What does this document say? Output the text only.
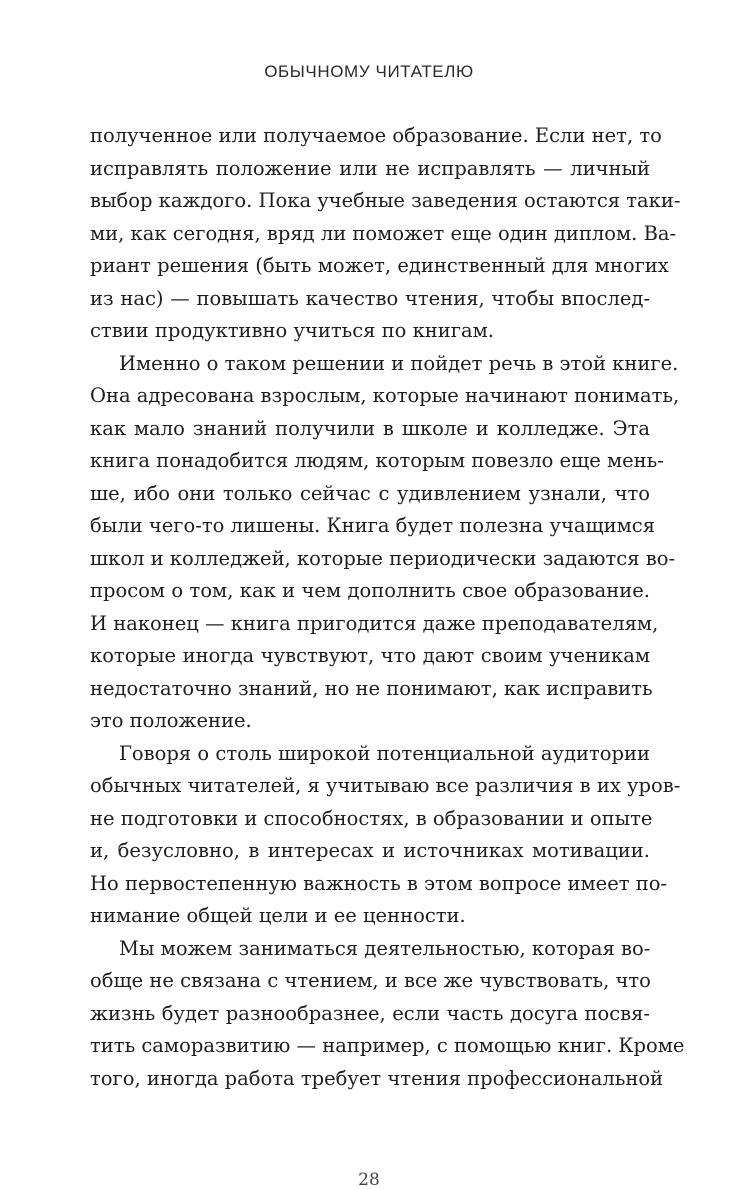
ОБЫЧНОМУ ЧИТАТЕЛЮ
полученное или получаемое образование. Если нет, то
исправлять положение или не исправлять — личный
выбор каждого. Пока учебные заведения остаются таки-
ми, как сегодня, вряд ли поможет еще один диплом. Ва-
риант решения (быть может, единственный для многих
из нас) — повышать качество чтения, чтобы впослед-
ствии продуктивно учиться по книгам.
Именно о таком решении и пойдет речь в этой книге.
Она адресована взрослым, которые начинают понимать,
как мало знаний получили в школе и колледже. Эта
книга понадобится людям, которым повезло еще мень-
ше, ибо они только сейчас с удивлением узнали, что
были чего-то лишены. Книга будет полезна учащимся
школ и колледжей, которые периодически задаются во-
просом о том, как и чем дополнить свое образование.
И наконец — книга пригодится даже преподавателям,
которые иногда чувствуют, что дают своим ученикам
недостаточно знаний, но не понимают, как исправить
это положение.
Говоря о столь широкой потенциальной аудитории
обычных читателей, я учитываю все различия в их уров-
не подготовки и способностях, в образовании и опыте
и, безусловно, в интересах и источниках мотивации.
Но первостепенную важность в этом вопросе имеет по-
нимание общей цели и ее ценности.
Мы можем заниматься деятельностью, которая во-
обще не связана с чтением, и все же чувствовать, что
жизнь будет разнообразнее, если часть досуга посвя-
тить саморазвитию — например, с помощью книг. Кроме
того, иногда работа требует чтения профессиональной
28
